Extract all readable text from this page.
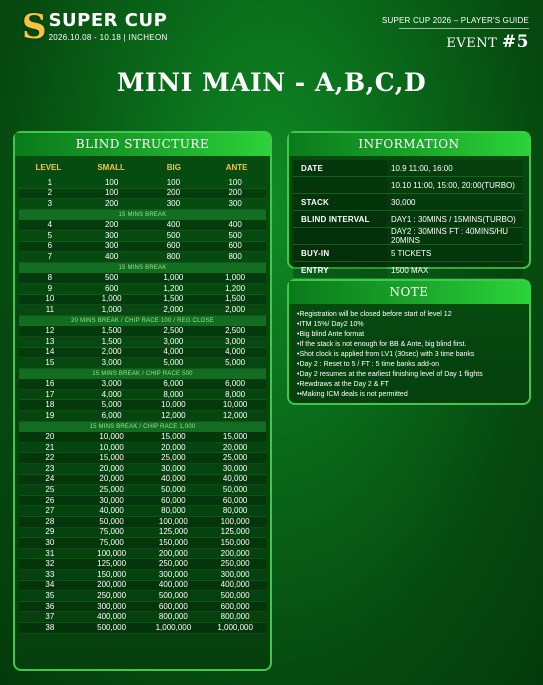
S SUPER CUP
2026.10.08 - 10.18 | INCHEON
SUPER CUP 2026 – PLAYER'S GUIDE
EVENT #5
MINI MAIN - A,B,C,D
BLIND STRUCTURE
LEVEL	SMALL	BIG	ANTE
1	100	100	100
2	100	200	200
3	200	300	300
15 MINS BREAK
4	200	400	400
5	300	500	500
6	300	600	600
7	400	800	800
15 MINS BREAK
8	500	1,000	1,000
9	600	1,200	1,200
10	1,000	1,500	1,500
11	1,000	2,000	2,000
20 MINS BREAK / CHIP RACE 100 / REG CLOSE
12	1,500	2,500	2,500
13	1,500	3,000	3,000
14	2,000	4,000	4,000
15	3,000	5,000	5,000
15 MINS BREAK / CHIP RACE 500
16	3,000	6,000	6,000
17	4,000	8,000	8,000
18	5,000	10,000	10,000
19	6,000	12,000	12,000
15 MINS BREAK / CHIP RACE 1,000
20	10,000	15,000	15,000
21	10,000	20,000	20,000
22	15,000	25,000	25,000
23	20,000	30,000	30,000
24	20,000	40,000	40,000
25	25,000	50,000	50,000
26	30,000	60,000	60,000
27	40,000	80,000	80,000
28	50,000	100,000	100,000
29	75,000	125,000	125,000
30	75,000	150,000	150,000
31	100,000	200,000	200,000
32	125,000	250,000	250,000
33	150,000	300,000	300,000
34	200,000	400,000	400,000
35	250,000	500,000	500,000
36	300,000	600,000	600,000
37	400,000	800,000	800,000
38	500,000	1,000,000	1,000,000
INFORMATION
DATE	10.9 11:00, 16:00
10.10 11:00, 15:00, 20:00(TURBO)
STACK	30,000
BLIND INTERVAL	DAY1 : 30MINS / 15MINS(TURBO)
DAY2 : 30MINS FT : 40MINS/HU 20MINS
BUY-IN	5 TICKETS
ENTRY	1500 MAX
NOTE
•Registration will be closed before start of level 12
•ITM 15%/ Day2 10%
•Big blind Ante format
•If the stack is not enough for BB & Ante, big blind first.
•Shot clock is applied from LV1 (30sec) with 3 time banks
•Day 2 : Reset to 5 / FT : 5 time banks add-on
•Day 2 resumes at the earliest finishing level of Day 1 flights
•Rewdraws at the Day 2 & FT
••Making ICM deals is not permitted
